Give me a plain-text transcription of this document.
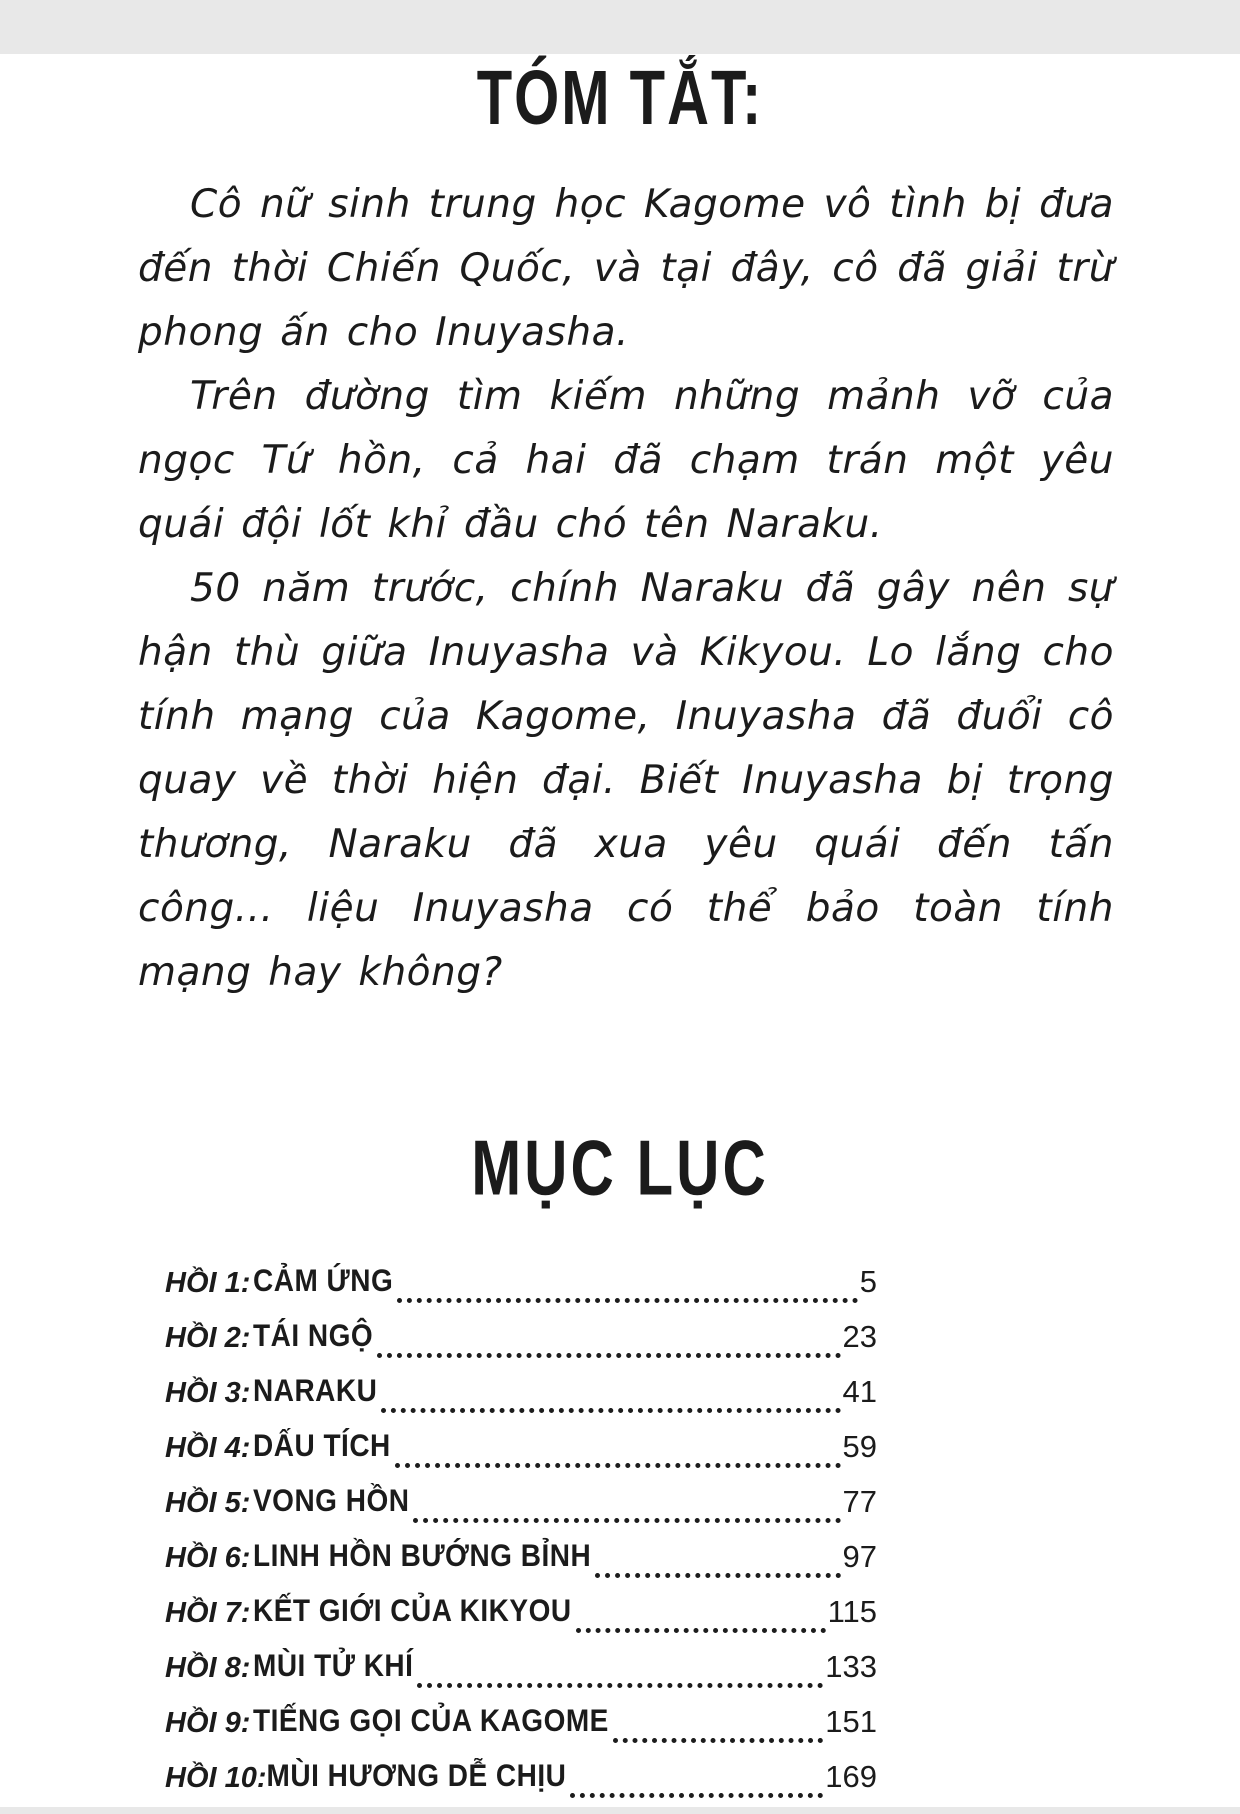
TÓM TẮT:

Cô nữ sinh trung học Kagome vô tình bị đưa đến thời Chiến Quốc, và tại đây, cô đã giải trừ phong ấn cho Inuyasha.

Trên đường tìm kiếm những mảnh vỡ của ngọc Tứ hồn, cả hai đã chạm trán một yêu quái đội lốt khỉ đầu chó tên Naraku.

50 năm trước, chính Naraku đã gây nên sự hận thù giữa Inuyasha và Kikyou. Lo lắng cho tính mạng của Kagome, Inuyasha đã đuổi cô quay về thời hiện đại. Biết Inuyasha bị trọng thương, Naraku đã xua yêu quái đến tấn công... liệu Inuyasha có thể bảo toàn tính mạng hay không?

MỤC LỤC
HỒI 1: CẢM ỨNG	5
HỒI 2: TÁI NGỘ	23
HỒI 3: NARAKU	41
HỒI 4: DẤU TÍCH	59
HỒI 5: VONG HỒN	77
HỒI 6: LINH HỒN BƯỚNG BỈNH	97
HỒI 7: KẾT GIỚI CỦA KIKYOU	115
HỒI 8: MÙI TỬ KHÍ	133
HỒI 9: TIẾNG GỌI CỦA KAGOME	151
HỒI 10: MÙI HƯƠNG DỄ CHỊU	169
